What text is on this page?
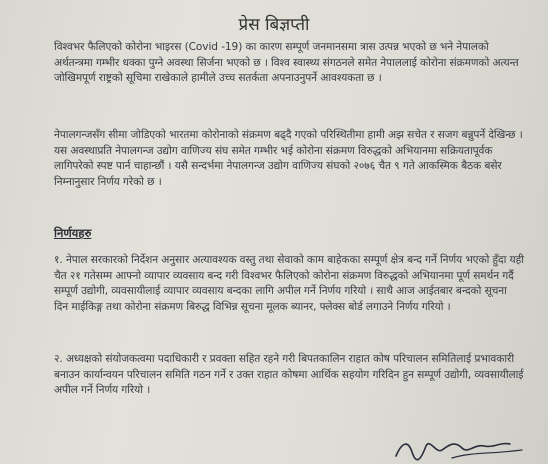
प्रेस बिज्ञप्ती
विश्वभर फैलिएको कोरोना भाइरस (Covid -19) का कारण सम्पूर्ण जनमानसमा त्रास उत्पन्न भएको छ भने नेपालको अर्थतन्त्रमा गम्भीर धक्का पुग्ने अवस्था सिर्जना भएको छ । विश्व स्वास्थ्य संगठनले समेत नेपाललाई कोरोना संक्रमणको अत्यन्त जोखिमपूर्ण राष्ट्रको सूचिमा राखेकाले हामीले उच्च सतर्कता अपनाउनुपर्ने आवश्यकता छ ।
नेपालगन्जसँग सीमा जोडिएको भारतमा कोरोनाको संक्रमण बढ्दै गएको परिस्थितीमा हामी अझ सचेत र सजग बन्नुपर्ने देखिन्छ । यस अवस्थाप्रति नेपालगन्ज उद्योग वाणिज्य संघ समेत गम्भीर भई कोरोना संक्रमण विरुद्धको अभियानमा सक्रियतापूर्वक लागिपरेको स्पष्ट पार्न चाहान्छौं । यसै सन्दर्भमा नेपालगन्ज उद्योग वाणिज्य संघको २०७६ चैत ९ गते आकस्मिक बैठक बसेर निम्नानुसार निर्णय गरेको छ ।
निर्णयहरु
१. नेपाल सरकारको निर्देशन अनुसार अत्यावश्यक वस्तु तथा सेवाको काम बाहेकका सम्पूर्ण क्षेत्र बन्द गर्ने निर्णय भएको हुँदा यही चैत २१ गतेसम्म आफ्नो व्यापार व्यवसाय बन्द गरी विश्वभर फैलिएको कोरोना संक्रमण विरुद्धको अभियानमा पूर्ण समर्थन गर्दै सम्पूर्ण उद्योगी, व्यवसायीलाई व्यापार व्यवसाय बन्दका लागि अपील गर्ने निर्णय गरियो । साथै आज आईतबार बन्दको सूचना दिन माईकिङ्ग तथा कोरोना संक्रमण बिरुद्ध विभिन्न सूचना मूलक ब्यानर, फ्लेक्स बोर्ड लगाउने निर्णय गरियो ।
२. अध्यक्षको संयोजकत्वमा पदाधिकारी र प्रवक्ता सहित रहने गरी बिपतकालिन राहात कोष परिचालन समितिलाई प्रभावकारी बनाउन कार्यान्वयन परिचालन समिति गठन गर्ने र उक्त राहात कोषमा आर्थिक सहयोग गरिदिन हुन सम्पूर्ण उद्योगी, व्यवसायीलाई अपील गर्ने निर्णय गरियो ।
